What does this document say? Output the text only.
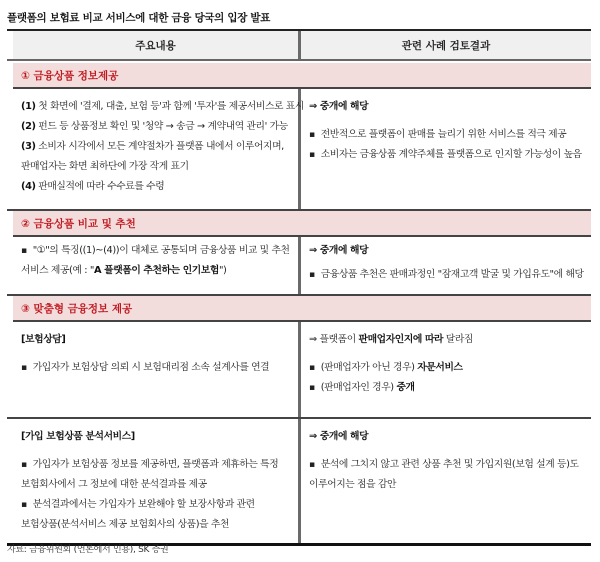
플랫폼의 보험료 비교 서비스에 대한 금융 당국의 입장 발표
주요내용	관련 사례 검토결과
① 금융상품 정보제공
(1) 첫 화면에 '결제, 대출, 보험 등'과 함께 '투자'를 제공서비스로 표시
(2) 펀드 등 상품정보 확인 및 '청약 → 송금 → 계약내역 관리' 가능
(3) 소비자 시각에서 모든 계약절차가 플랫폼 내에서 이루어지며,
판매업자는 화면 최하단에 가장 작게 표기
(4) 판매실적에 따라 수수료를 수령
⇒ 중개에 해당
▪ 전반적으로 플랫폼이 판매를 늘리기 위한 서비스를 적극 제공
▪ 소비자는 금융상품 계약주체를 플랫폼으로 인지할 가능성이 높음
② 금융상품 비교 및 추천
▪ "①"의 특징((1)~(4))이 대체로 공통되며 금융상품 비교 및 추천
서비스 제공(예 : "A 플랫폼이 추천하는 인기보험")
⇒ 중개에 해당
▪ 금융상품 추천은 판매과정인 "잠재고객 발굴 및 가입유도"에 해당
③ 맞춤형 금융정보 제공
[보험상담]
▪ 가입자가 보험상담 의뢰 시 보험대리점 소속 설계사를 연결
⇒ 플랫폼이 판매업자인지에 따라 달라짐
▪ (판매업자가 아닌 경우) 자문서비스
▪ (판매업자인 경우) 중개
[가입 보험상품 분석서비스]
▪ 가입자가 보험상품 정보를 제공하면, 플랫폼과 제휴하는 특정
보험회사에서 그 정보에 대한 분석결과를 제공
▪ 분석결과에서는 가입자가 보완해야 할 보장사항과 관련
보험상품(분석서비스 제공 보험회사의 상품)을 추천
⇒ 중개에 해당
▪ 분석에 그치지 않고 관련 상품 추천 및 가입지원(보험 설계 등)도
이루어지는 점을 감안
자료: 금융위원회 (언론에서 인용), SK 증권
